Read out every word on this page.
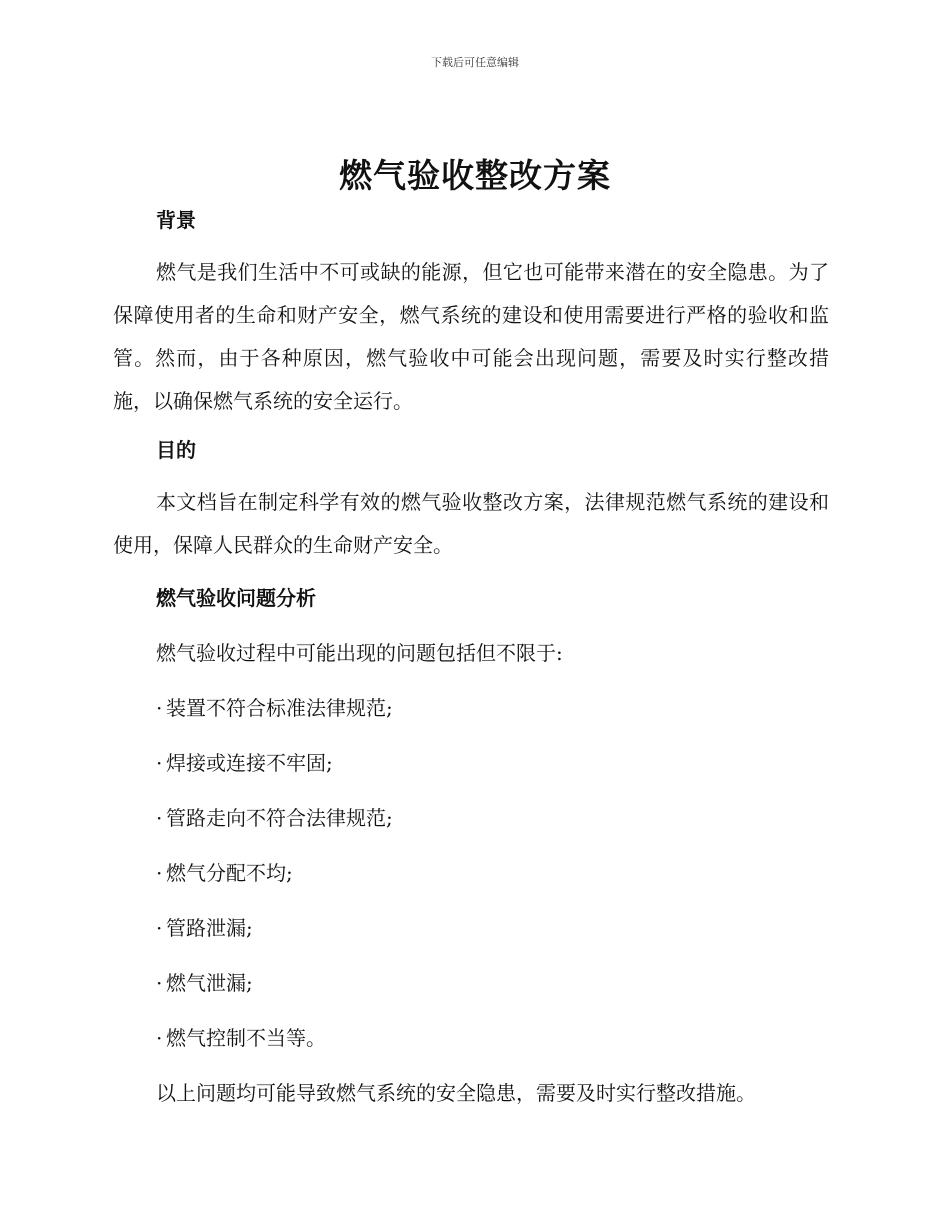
下载后可任意编辑
燃气验收整改方案

背景

燃气是我们生活中不可或缺的能源，但它也可能带来潜在的安全隐患。为了保障使用者的生命和财产安全，燃气系统的建设和使用需要进行严格的验收和监管。然而，由于各种原因，燃气验收中可能会出现问题，需要及时实行整改措施，以确保燃气系统的安全运行。

目的

本文档旨在制定科学有效的燃气验收整改方案，法律规范燃气系统的建设和使用，保障人民群众的生命财产安全。

燃气验收问题分析

燃气验收过程中可能出现的问题包括但不限于:

· 装置不符合标准法律规范;

· 焊接或连接不牢固;

· 管路走向不符合法律规范;

· 燃气分配不均;

· 管路泄漏;

· 燃气泄漏;

· 燃气控制不当等。

以上问题均可能导致燃气系统的安全隐患，需要及时实行整改措施。
